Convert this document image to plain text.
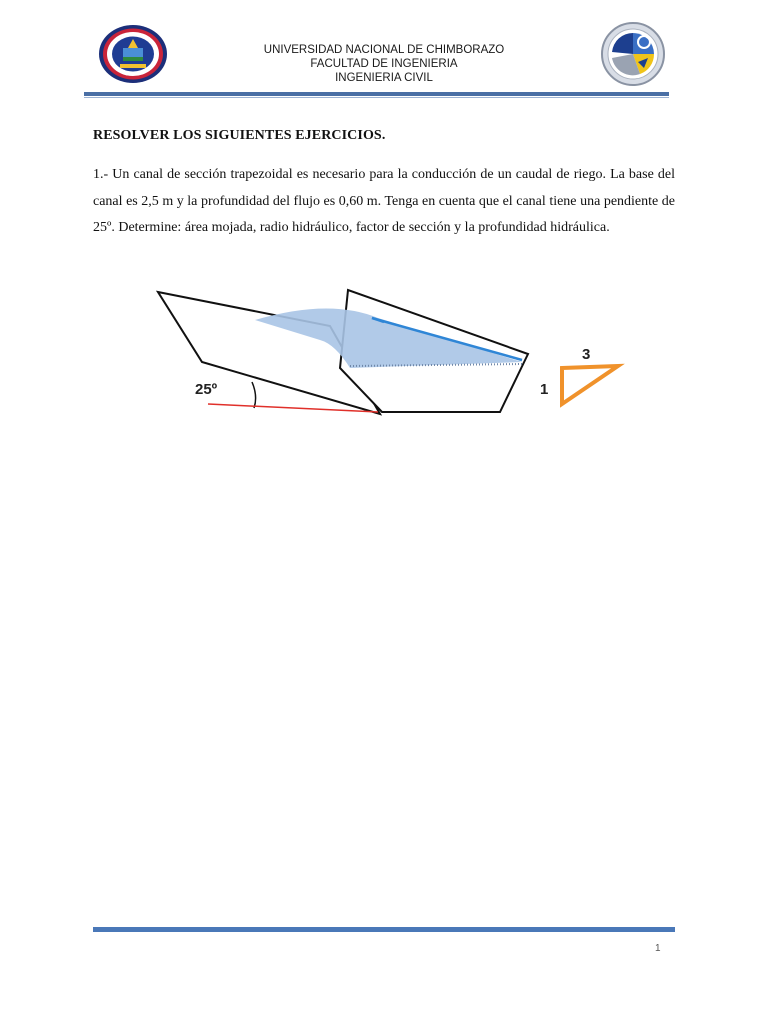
UNIVERSIDAD NACIONAL DE CHIMBORAZO
FACULTAD DE INGENIERIA
INGENIERIA CIVIL
RESOLVER LOS SIGUIENTES EJERCICIOS.
1.- Un canal de sección trapezoidal es necesario para la conducción de un caudal de riego. La base del canal es 2,5 m y la profundidad del flujo es 0,60 m. Tenga en cuenta que el canal tiene una pendiente de 25º. Determine: área mojada, radio hidráulico, factor de sección y la profundidad hidráulica.
25º
3
1
1
